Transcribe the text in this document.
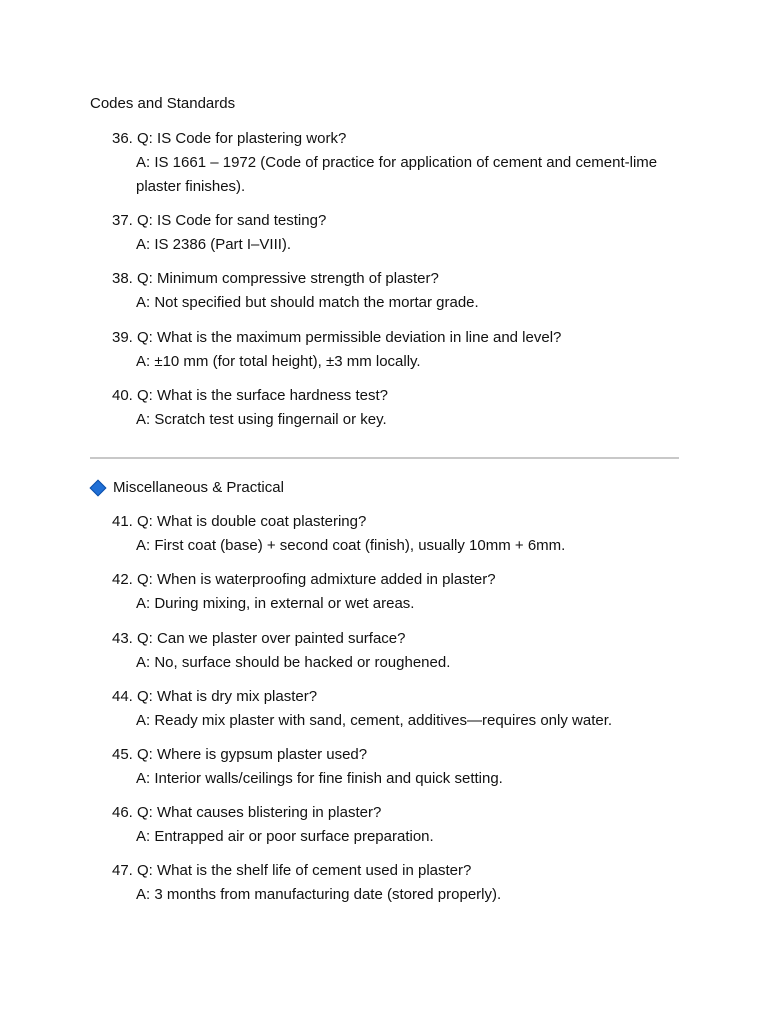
Codes and Standards
36. Q: IS Code for plastering work?
A: IS 1661 – 1972 (Code of practice for application of cement and cement-lime plaster finishes).
37. Q: IS Code for sand testing?
A: IS 2386 (Part I–VIII).
38. Q: Minimum compressive strength of plaster?
A: Not specified but should match the mortar grade.
39. Q: What is the maximum permissible deviation in line and level?
A: ±10 mm (for total height), ±3 mm locally.
40. Q: What is the surface hardness test?
A: Scratch test using fingernail or key.
Miscellaneous & Practical
41. Q: What is double coat plastering?
A: First coat (base) + second coat (finish), usually 10mm + 6mm.
42. Q: When is waterproofing admixture added in plaster?
A: During mixing, in external or wet areas.
43. Q: Can we plaster over painted surface?
A: No, surface should be hacked or roughened.
44. Q: What is dry mix plaster?
A: Ready mix plaster with sand, cement, additives—requires only water.
45. Q: Where is gypsum plaster used?
A: Interior walls/ceilings for fine finish and quick setting.
46. Q: What causes blistering in plaster?
A: Entrapped air or poor surface preparation.
47. Q: What is the shelf life of cement used in plaster?
A: 3 months from manufacturing date (stored properly).
